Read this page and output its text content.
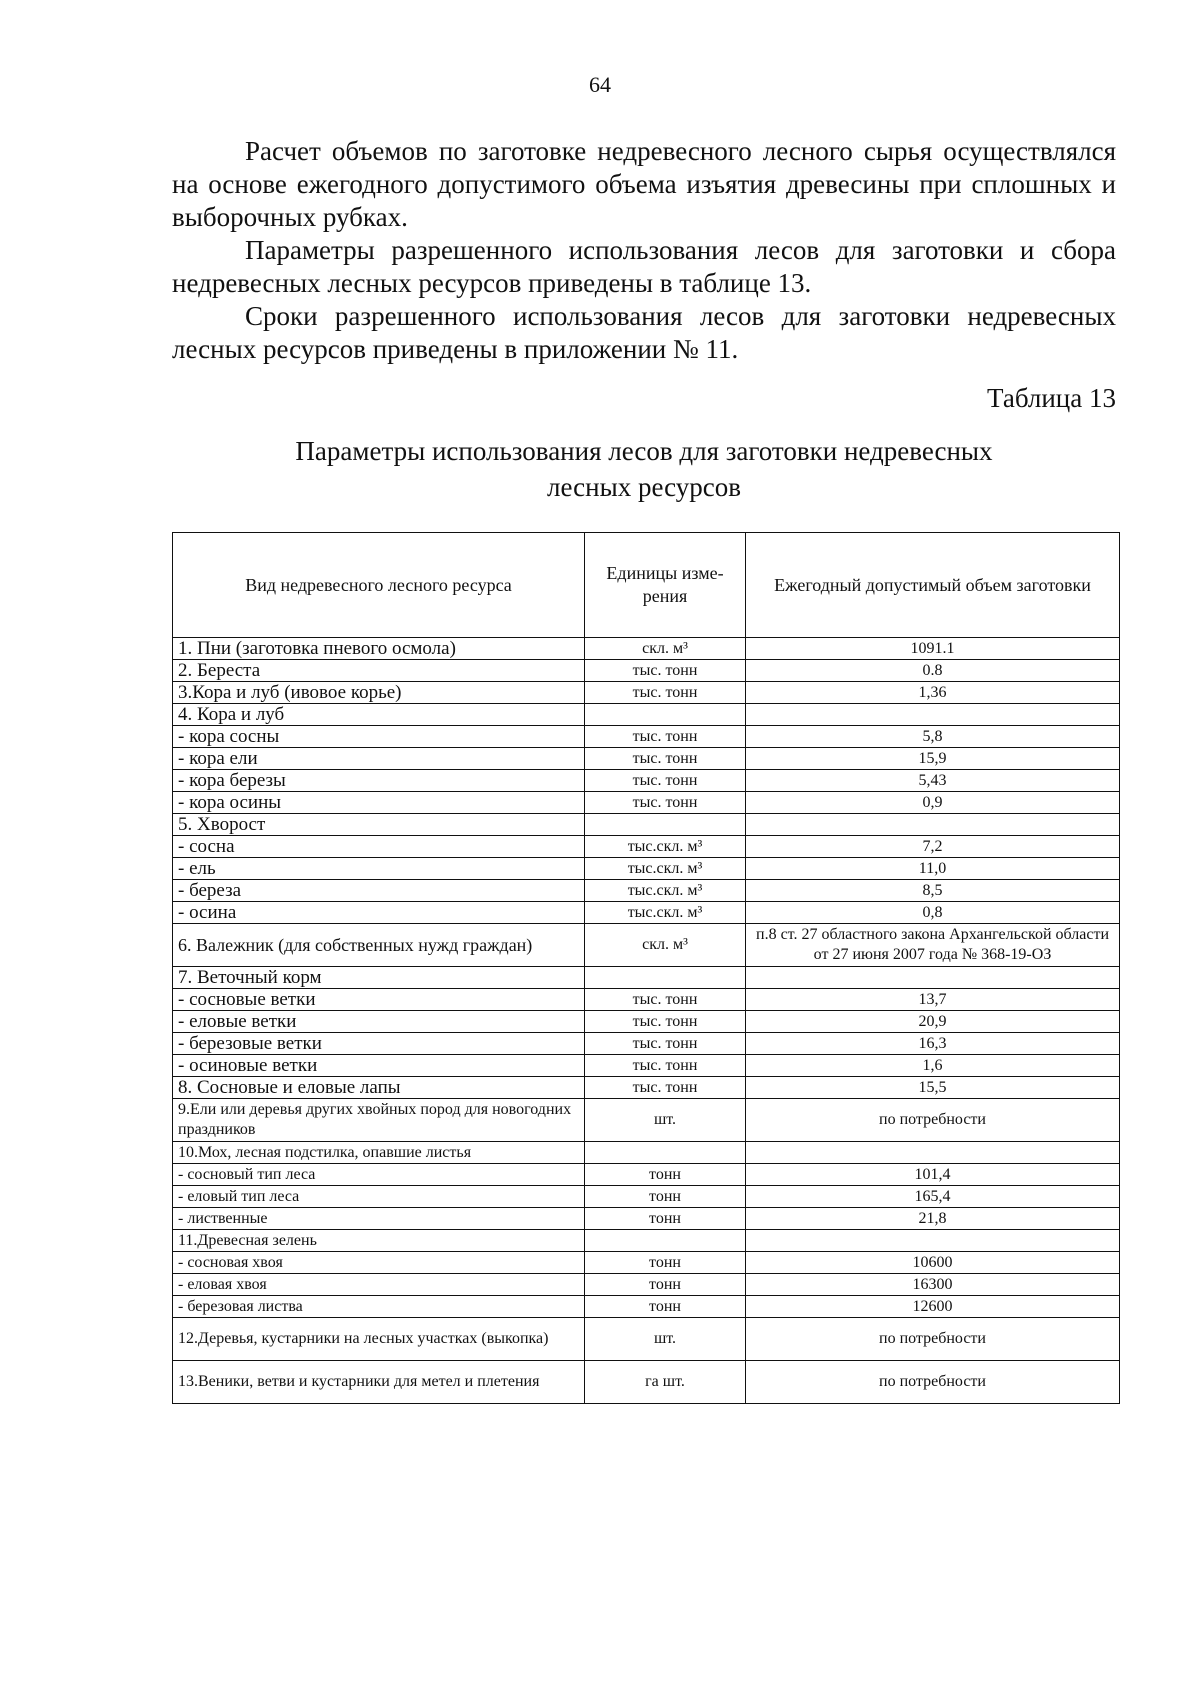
64

Расчет объемов по заготовке недревесного лесного сырья осуществлялся на основе ежегодного допустимого объема изъятия древесины при сплошных и выборочных рубках.

Параметры разрешенного использования лесов для заготовки и сбора недревесных лесных ресурсов приведены в таблице 13.

Сроки разрешенного использования лесов для заготовки недревесных лесных ресурсов приведены в приложении № 11.

Таблица 13
Параметры использования лесов для заготовки недревесных
лесных ресурсов
Вид недревесного лесного ресурса	Единицы изме-рения	Ежегодный допустимый объем заготовки
1. Пни (заготовка пневого осмола)	скл. м³	1091.1
2. Береста	тыс. тонн	0.8
3.Кора и луб (ивовое корье)	тыс. тонн	1,36
4. Кора и луб		
- кора сосны	тыс. тонн	5,8
- кора ели	тыс. тонн	15,9
- кора березы	тыс. тонн	5,43
- кора осины	тыс. тонн	0,9
5. Хворост		
- сосна	тыс.скл. м³	7,2
- ель	тыс.скл. м³	11,0
- береза	тыс.скл. м³	8,5
- осина	тыс.скл. м³	0,8
6. Валежник (для собственных нужд граждан)	скл. м³	п.8 ст. 27 областного закона Архангельской области от 27 июня 2007 года № 368-19-ОЗ
7. Веточный корм		
- сосновые ветки	тыс. тонн	13,7
- еловые ветки	тыс. тонн	20,9
- березовые ветки	тыс. тонн	16,3
- осиновые ветки	тыс. тонн	1,6
8. Сосновые и еловые лапы	тыс. тонн	15,5
9.Ели или деревья других хвойных пород для новогодних праздников	шт.	по потребности
10.Мох, лесная подстилка, опавшие листья		
- сосновый тип леса	тонн	101,4
- еловый тип леса	тонн	165,4
- лиственные	тонн	21,8
11.Древесная зелень		
- сосновая хвоя	тонн	10600
- еловая хвоя	тонн	16300
- березовая листва	тонн	12600
12.Деревья, кустарники на лесных участках (выкопка)	шт.	по потребности
13.Веники, ветви и кустарники для метел и плетения	га шт.	по потребности
